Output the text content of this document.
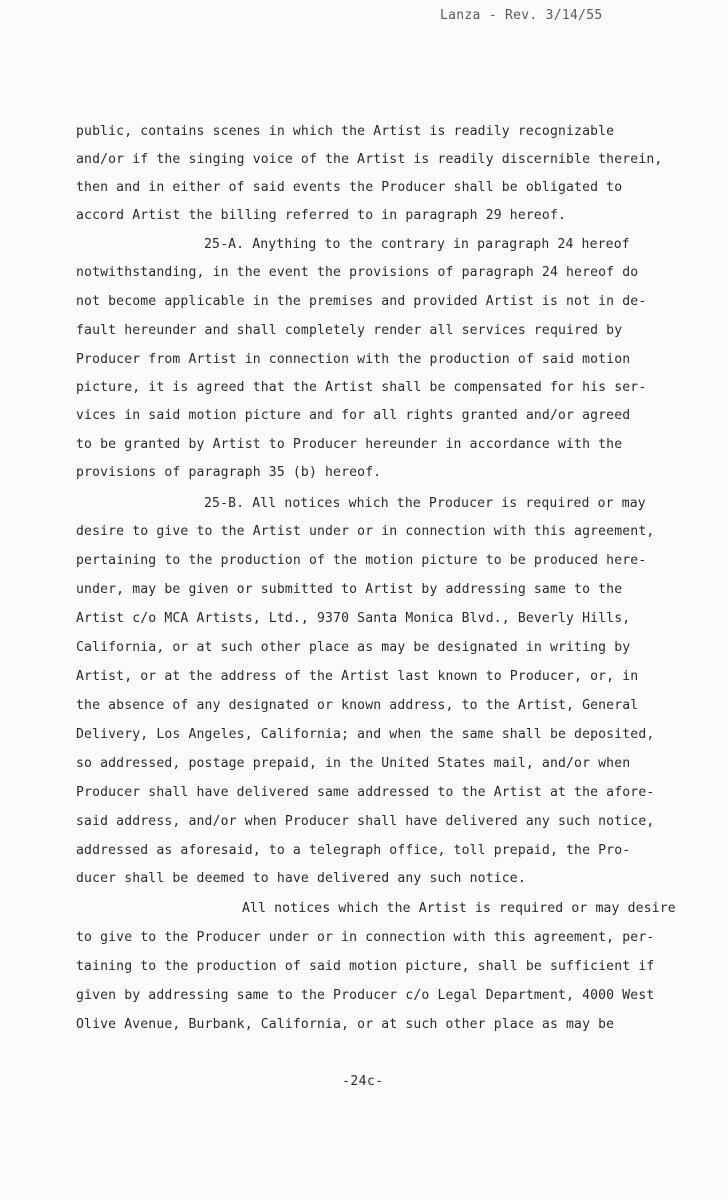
Lanza - Rev. 3/14/55
public, contains scenes in which the Artist is readily recognizable
and/or if the singing voice of the Artist is readily discernible therein,
then and in either of said events the Producer shall be obligated to
accord Artist the billing referred to in paragraph 29 hereof.
25-A. Anything to the contrary in paragraph 24 hereof
notwithstanding, in the event the provisions of paragraph 24 hereof do
not become applicable in the premises and provided Artist is not in de-
fault hereunder and shall completely render all services required by
Producer from Artist in connection with the production of said motion
picture, it is agreed that the Artist shall be compensated for his ser-
vices in said motion picture and for all rights granted and/or agreed
to be granted by Artist to Producer hereunder in accordance with the
provisions of paragraph 35 (b) hereof.
25-B. All notices which the Producer is required or may
desire to give to the Artist under or in connection with this agreement,
pertaining to the production of the motion picture to be produced here-
under, may be given or submitted to Artist by addressing same to the
Artist c/o MCA Artists, Ltd., 9370 Santa Monica Blvd., Beverly Hills,
California, or at such other place as may be designated in writing by
Artist, or at the address of the Artist last known to Producer, or, in
the absence of any designated or known address, to the Artist, General
Delivery, Los Angeles, California; and when the same shall be deposited,
so addressed, postage prepaid, in the United States mail, and/or when
Producer shall have delivered same addressed to the Artist at the afore-
said address, and/or when Producer shall have delivered any such notice,
addressed as aforesaid, to a telegraph office, toll prepaid, the Pro-
ducer shall be deemed to have delivered any such notice.
All notices which the Artist is required or may desire
to give to the Producer under or in connection with this agreement, per-
taining to the production of said motion picture, shall be sufficient if
given by addressing same to the Producer c/o Legal Department, 4000 West
Olive Avenue, Burbank, California, or at such other place as may be
-24c-
